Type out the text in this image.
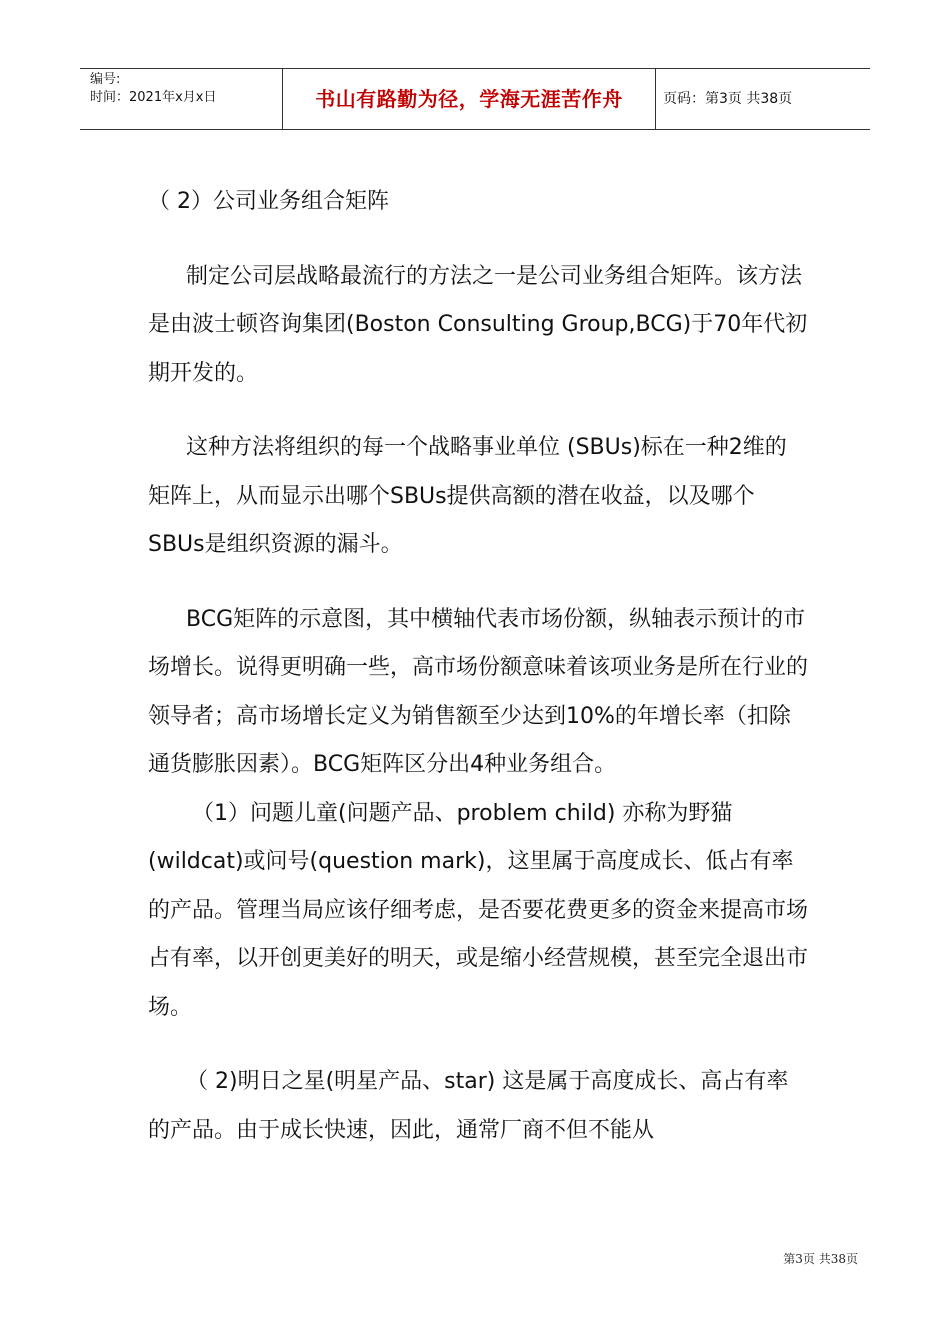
编号:
时间：2021年x月x日	书山有路勤为径，学海无涯苦作舟	页码：第3页 共38页

（ 2）公司业务组合矩阵

制定公司层战略最流行的方法之一是公司业务组合矩阵。该方法是由波士顿咨询集团(Boston Consulting Group,BCG)于70年代初期开发的。

这种方法将组织的每一个战略事业单位 (SBUs)标在一种2维的矩阵上，从而显示出哪个SBUs提供高额的潜在收益，以及哪个SBUs是组织资源的漏斗。

BCG矩阵的示意图，其中横轴代表市场份额，纵轴表示预计的市场增长。说得更明确一些，高市场份额意味着该项业务是所在行业的领导者；高市场增长定义为销售额至少达到10%的年增长率（扣除通货膨胀因素）。BCG矩阵区分出4种业务组合。

（1）问题儿童(问题产品、problem child) 亦称为野猫(wildcat)或问号(question mark)，这里属于高度成长、低占有率的产品。管理当局应该仔细考虑，是否要花费更多的资金来提高市场占有率，以开创更美好的明天，或是缩小经营规模，甚至完全退出市场。

（ 2)明日之星(明星产品、star) 这是属于高度成长、高占有率的产品。由于成长快速，因此，通常厂商不但不能从

第3页 共38页
